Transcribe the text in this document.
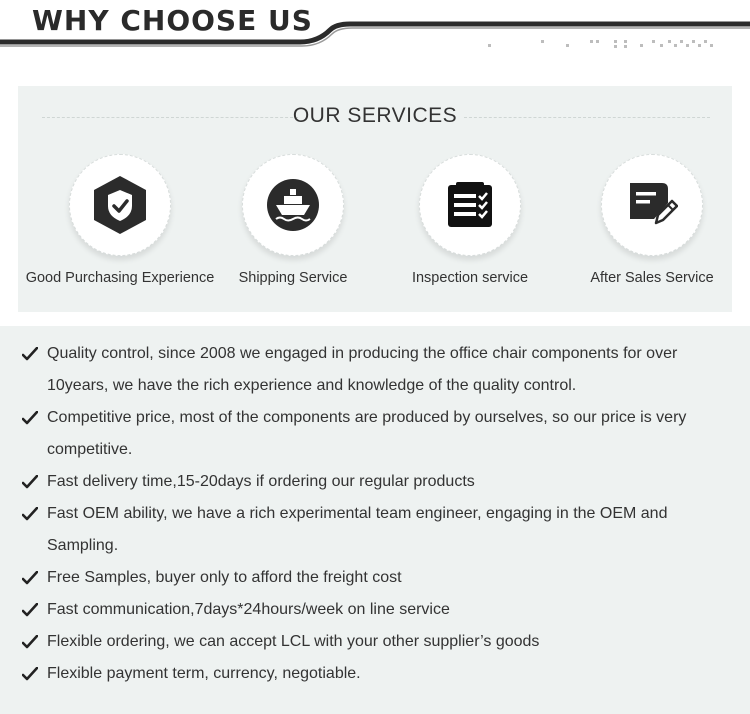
WHY CHOOSE US
OUR SERVICES
Good Purchasing Experience	Shipping Service	Inspection service	After Sales Service
Quality control, since 2008 we engaged in producing the office chair components for over 10years, we have the rich experience and knowledge of the quality control.
Competitive price, most of the components are produced by ourselves, so our price is very competitive.
Fast delivery time,15-20days if ordering our regular products
Fast OEM ability, we have a rich experimental team engineer, engaging in the OEM and Sampling.
Free Samples, buyer only to afford the freight cost
Fast communication,7days*24hours/week on line service
Flexible ordering, we can accept LCL with your other supplier’s goods
Flexible payment term, currency, negotiable.
